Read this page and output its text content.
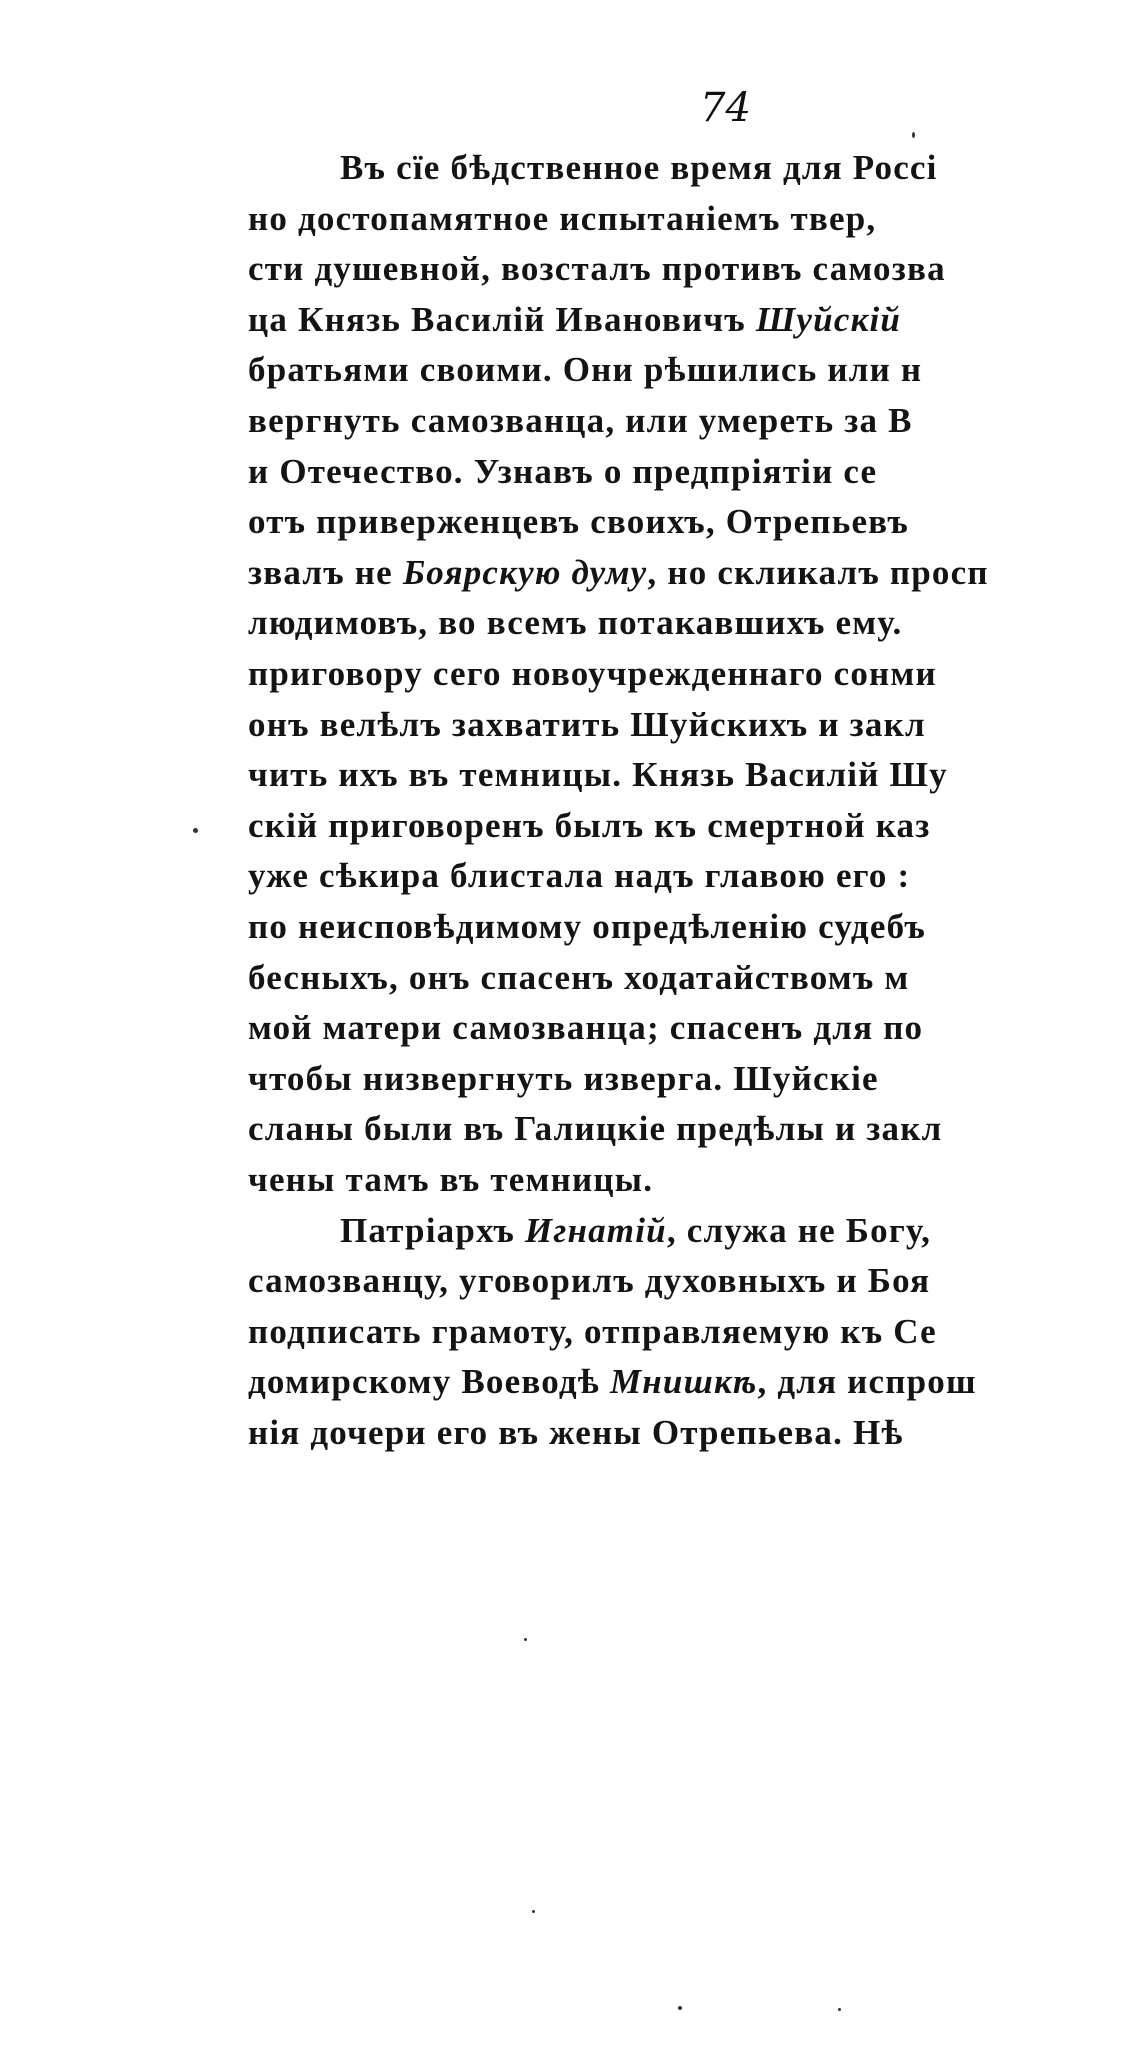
74
Въ сïе бѣдственное время для Россi
но достопамятное испытанiемъ твер,
сти душевной, возсталъ противъ самозва
ца Князь Василiй Ивановичъ Шуйскiй
братьями своими. Они рѣшились или н
вергнуть самозванца, или умереть за В
и Отечество. Узнавъ о предпрiятiи се
отъ приверженцевъ своихъ, Отрепьевъ
звалъ не Боярскую думу, но скликалъ просп
людимовъ, во всемъ потакавшихъ ему.
приговору сего новоучрежденнаго сонми
онъ велѣлъ захватить Шуйскихъ и закл
чить ихъ въ темницы. Князь Василiй Шу
скiй приговоренъ былъ къ смертной каз
уже сѣкира блистала надъ главою его :
по неисповѣдимому опредѣленiю судебъ
бесныхъ, онъ спасенъ ходатайствомъ м
мой матери самозванца; спасенъ для по
чтобы низвергнуть изверга. Шуйскiе
сланы были въ Галицкiе предѣлы и закл
чены тамъ въ темницы.
Патрiархъ Игнатiй, служа не Богу,
самозванцу, уговорилъ духовныхъ и Боя
подписать грамоту, отправляемую къ Се
домирскому Воеводѣ Мнишкѣ, для испрош
нiя дочери его въ жены Отрепьева. Нѣ
